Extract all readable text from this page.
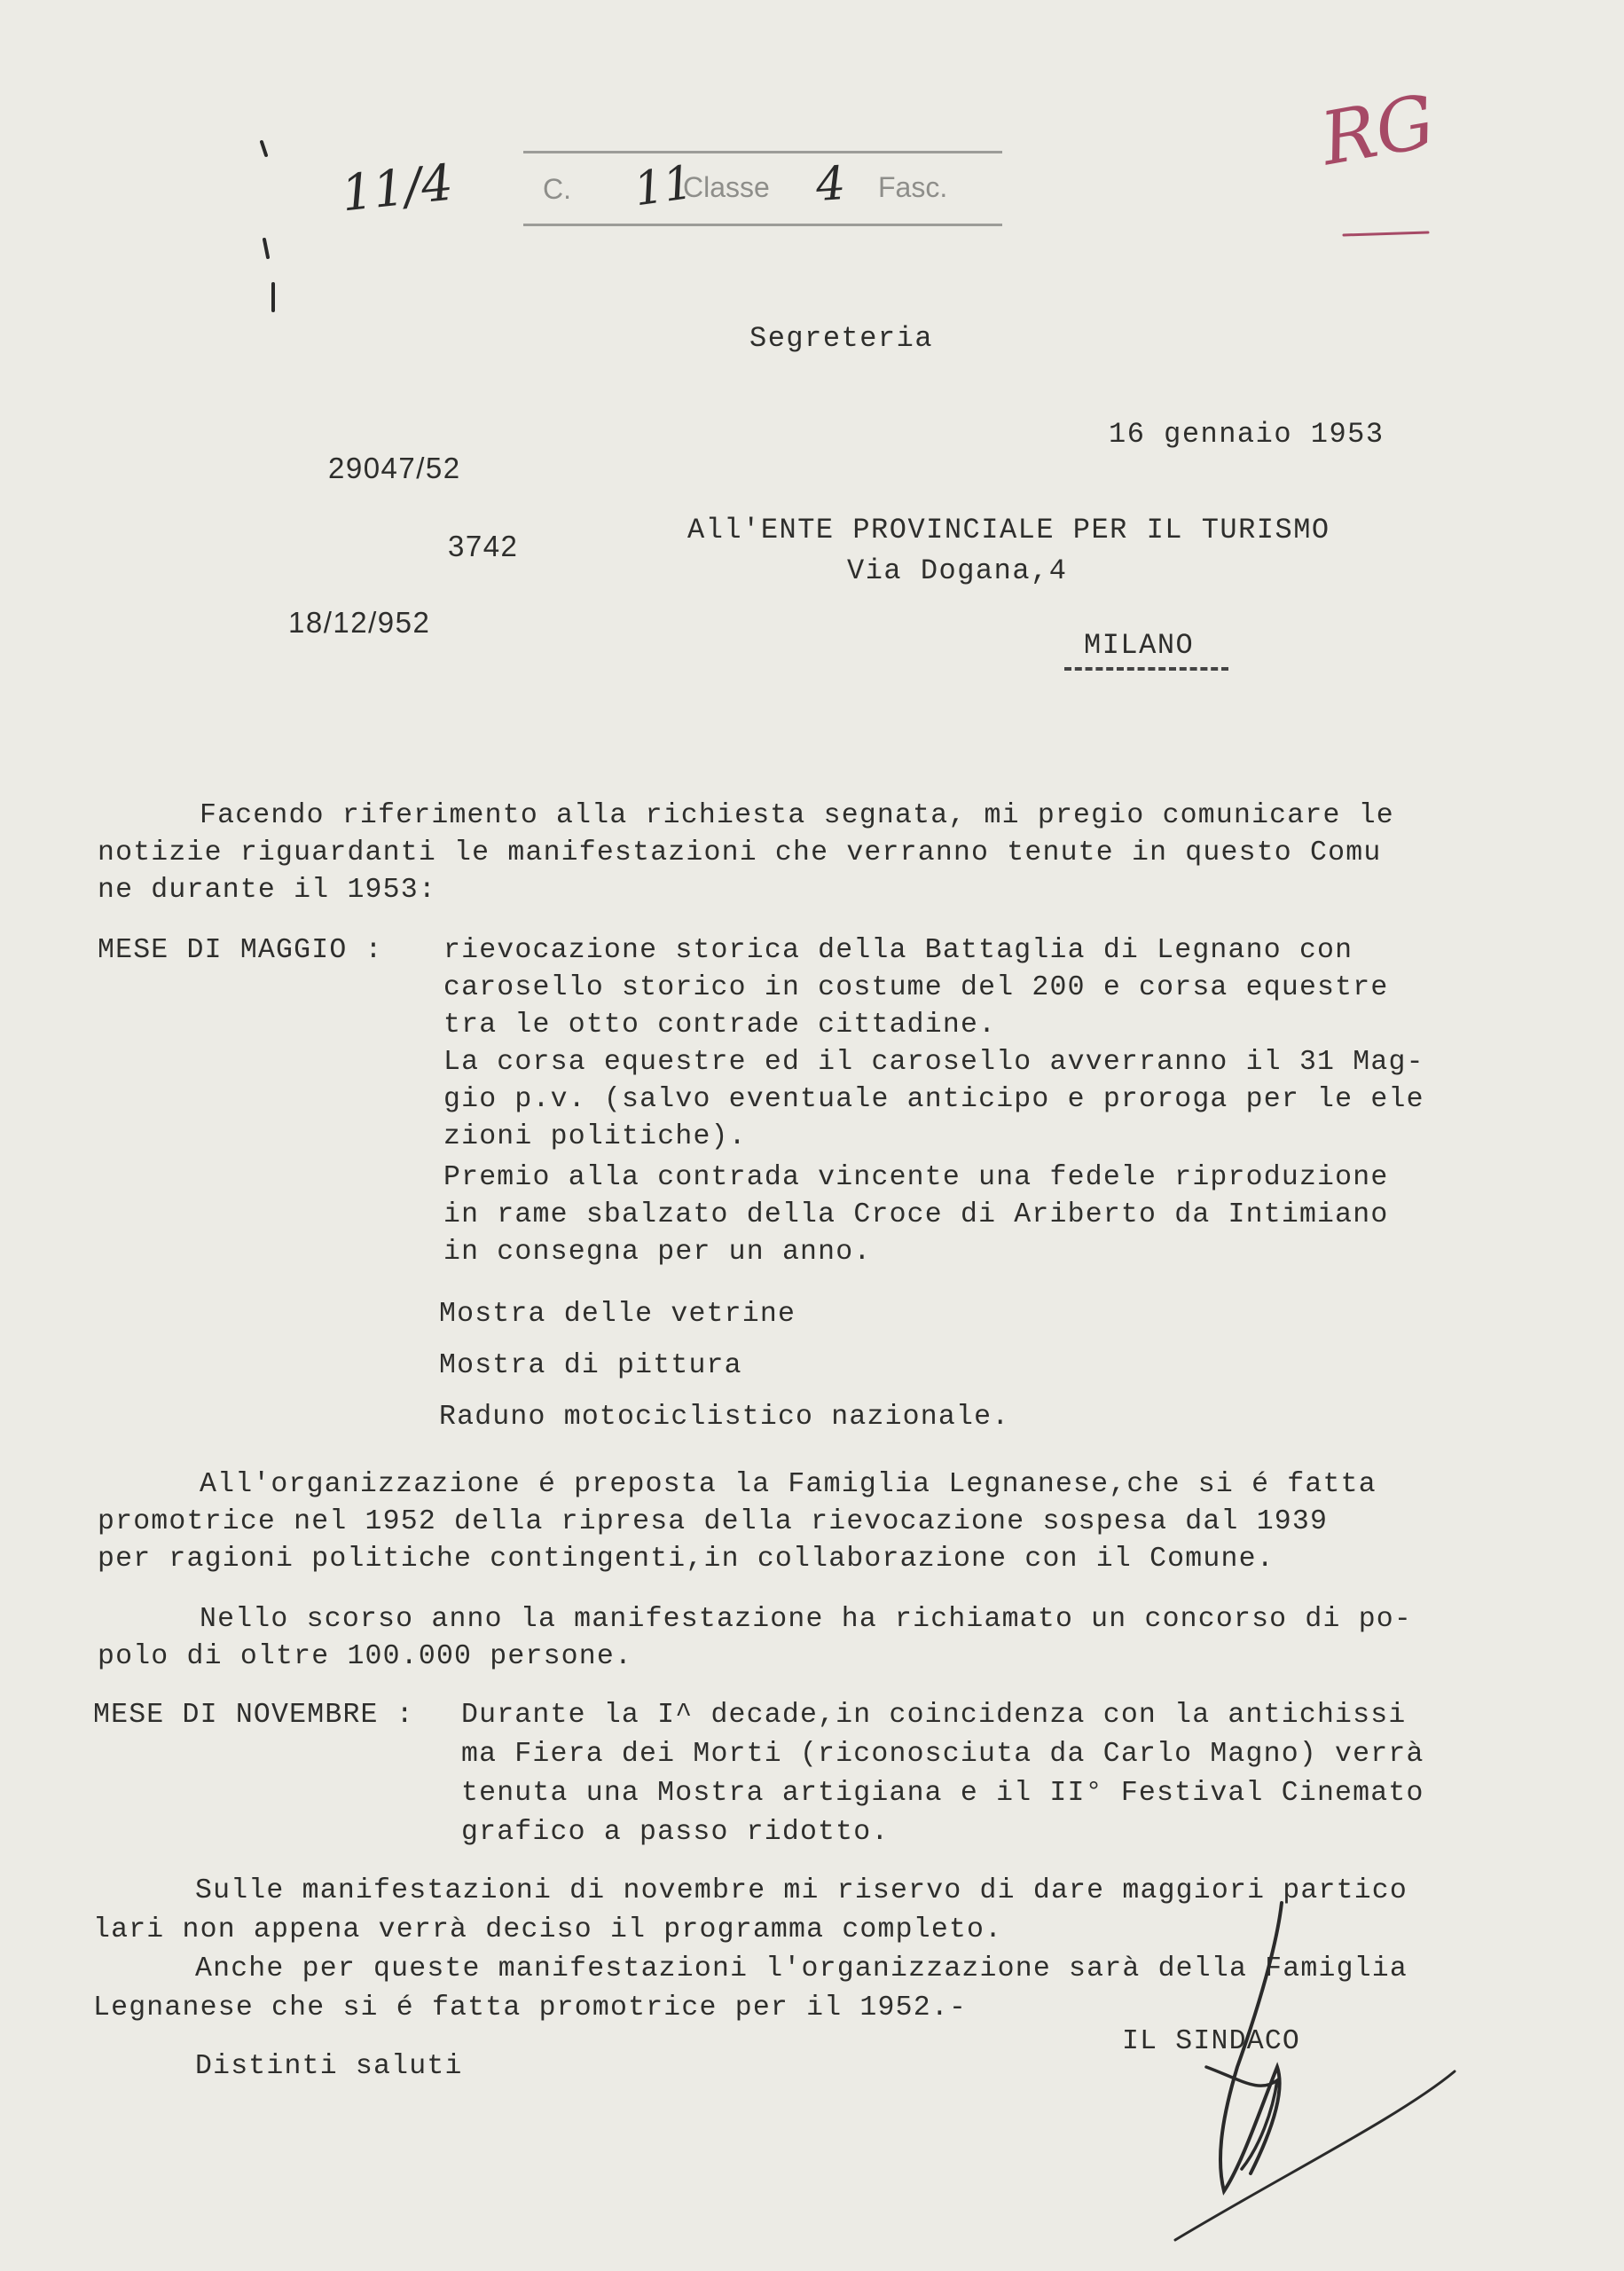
C.	Classe	Fasc.
11	4
11/4
RG
Segreteria
16 gennaio 1953
29047/52
3742
18/12/952
All'ENTE PROVINCIALE PER IL TURISMO
Via Dogana,4
MILANO
Facendo riferimento alla richiesta segnata, mi pregio comunicare le
notizie riguardanti le manifestazioni che verranno tenute in questo Comu
ne durante il 1953:
MESE DI MAGGIO : rievocazione storica della Battaglia di Legnano con
carosello storico in costume del 200 e corsa equestre
tra le otto contrade cittadine.
La corsa equestre ed il carosello avverranno il 31 Mag-
gio p.v. (salvo eventuale anticipo e proroga per le ele
zioni politiche).
Premio alla contrada vincente una fedele riproduzione
in rame sbalzato della Croce di Ariberto da Intimiano
in consegna per un anno.
Mostra delle vetrine
Mostra di pittura
Raduno motociclistico nazionale.
All'organizzazione é preposta la Famiglia Legnanese,che si é fatta
promotrice nel 1952 della ripresa della rievocazione sospesa dal 1939
per ragioni politiche contingenti,in collaborazione con il Comune.
Nello scorso anno la manifestazione ha richiamato un concorso di po-
polo di oltre 100.000 persone.
MESE DI NOVEMBRE : Durante la I^ decade,in coincidenza con la antichissi
ma Fiera dei Morti (riconosciuta da Carlo Magno) verrà
tenuta una Mostra artigiana e il II° Festival Cinemato
grafico a passo ridotto.
Sulle manifestazioni di novembre mi riservo di dare maggiori partico
lari non appena verrà deciso il programma completo.
Anche per queste manifestazioni l'organizzazione sarà della Famiglia
Legnanese che si é fatta promotrice per il 1952.-
Distinti saluti
IL SINDACO
